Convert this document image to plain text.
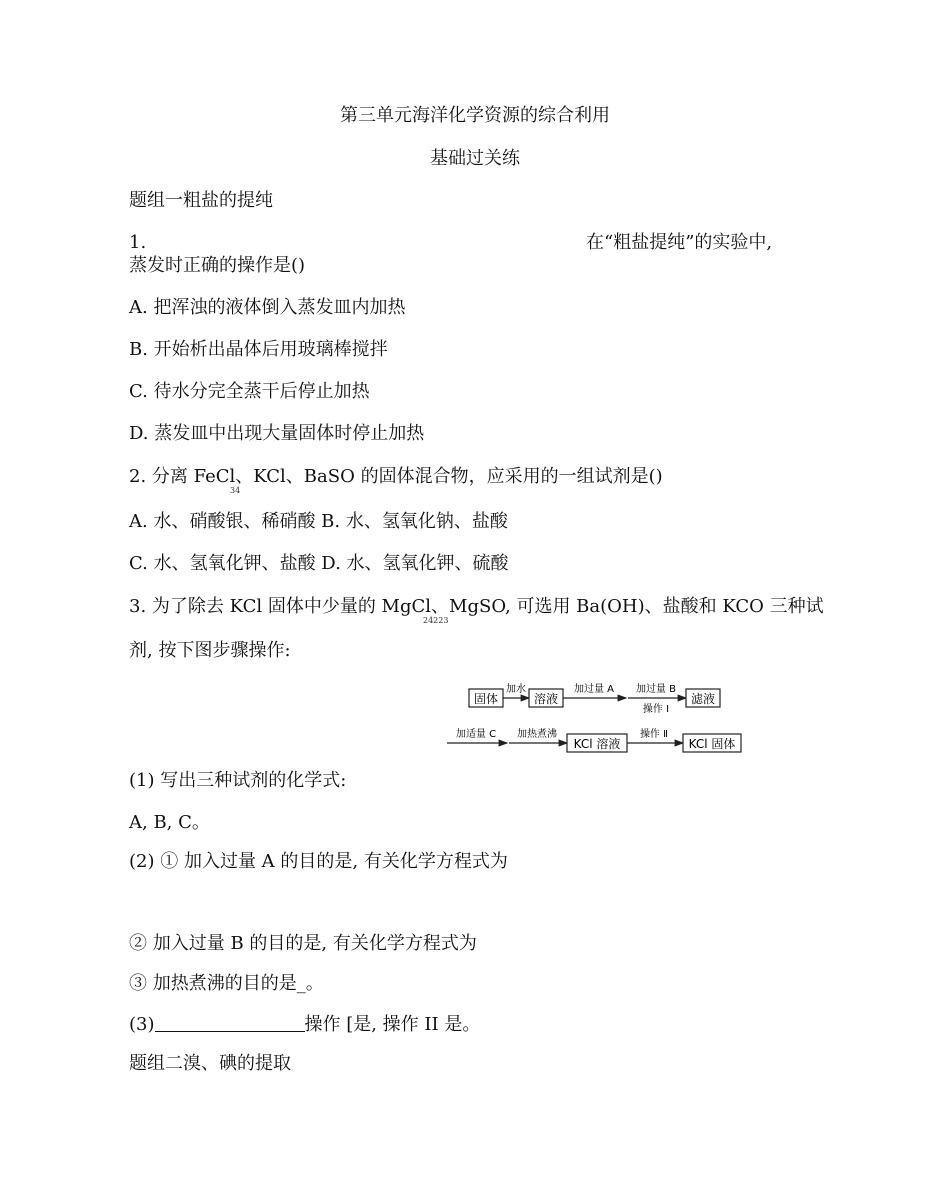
第三单元海洋化学资源的综合利用
基础过关练
题组一粗盐的提纯
1.	在“粗盐提纯”的实验中,
蒸发时正确的操作是()
A. 把浑浊的液体倒入蒸发皿内加热
B. 开始析出晶体后用玻璃棒搅拌
C. 待水分完全蒸干后停止加热
D. 蒸发皿中出现大量固体时停止加热
2. 分离 FeCl、KCl、BaSO 的固体混合物，应采用的一组试剂是()
34
A. 水、硝酸银、稀硝酸 B. 水、氢氧化钠、盐酸
C. 水、氢氧化钾、盐酸 D. 水、氢氧化钾、硫酸
3. 为了除去 KCl 固体中少量的 MgCl、MgSO, 可选用 Ba(OH)、盐酸和 KCO 三种试
24223
剂, 按下图步骤操作:
固体
加水
溶液
加过量 A 加过量 B
操作 Ⅰ
滤液
加适量 C 加热煮沸
KCl 溶液
操作 Ⅱ
KCl 固体
(1) 写出三种试剂的化学式:
A, B, C。
(2) ① 加入过量 A 的目的是, 有关化学方程式为
② 加入过量 B 的目的是, 有关化学方程式为
③ 加热煮沸的目的是_。
(3)	操作 [是, 操作 II 是。
题组二溴、碘的提取
